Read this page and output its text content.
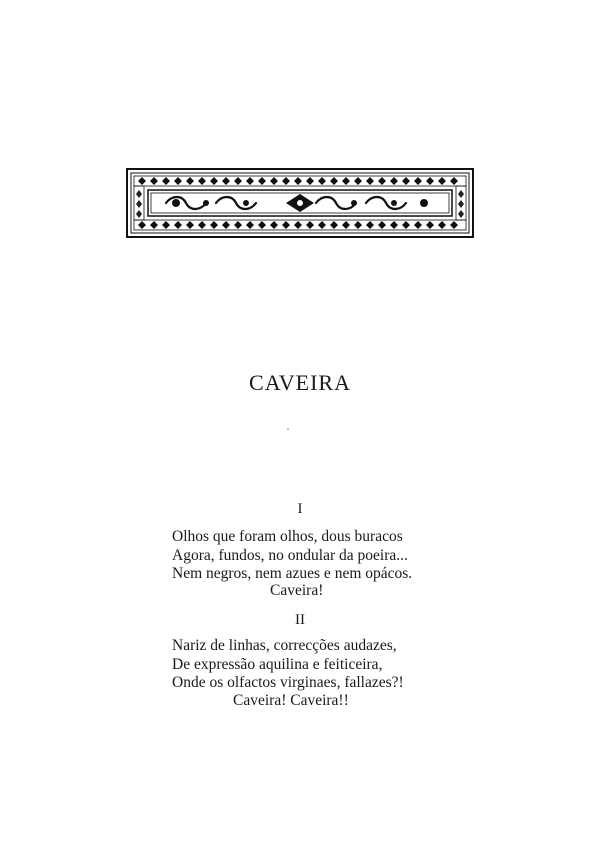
CAVEIRA
I
Olhos que foram olhos, dous buracos
Agora, fundos, no ondular da poeira...
Nem negros, nem azues e nem opácos.
Caveira!
II
Nariz de linhas, correcções audazes,
De expressão aquilina e feiticeira,
Onde os olfactos virginaes, fallazes?!
Caveira! Caveira!!
